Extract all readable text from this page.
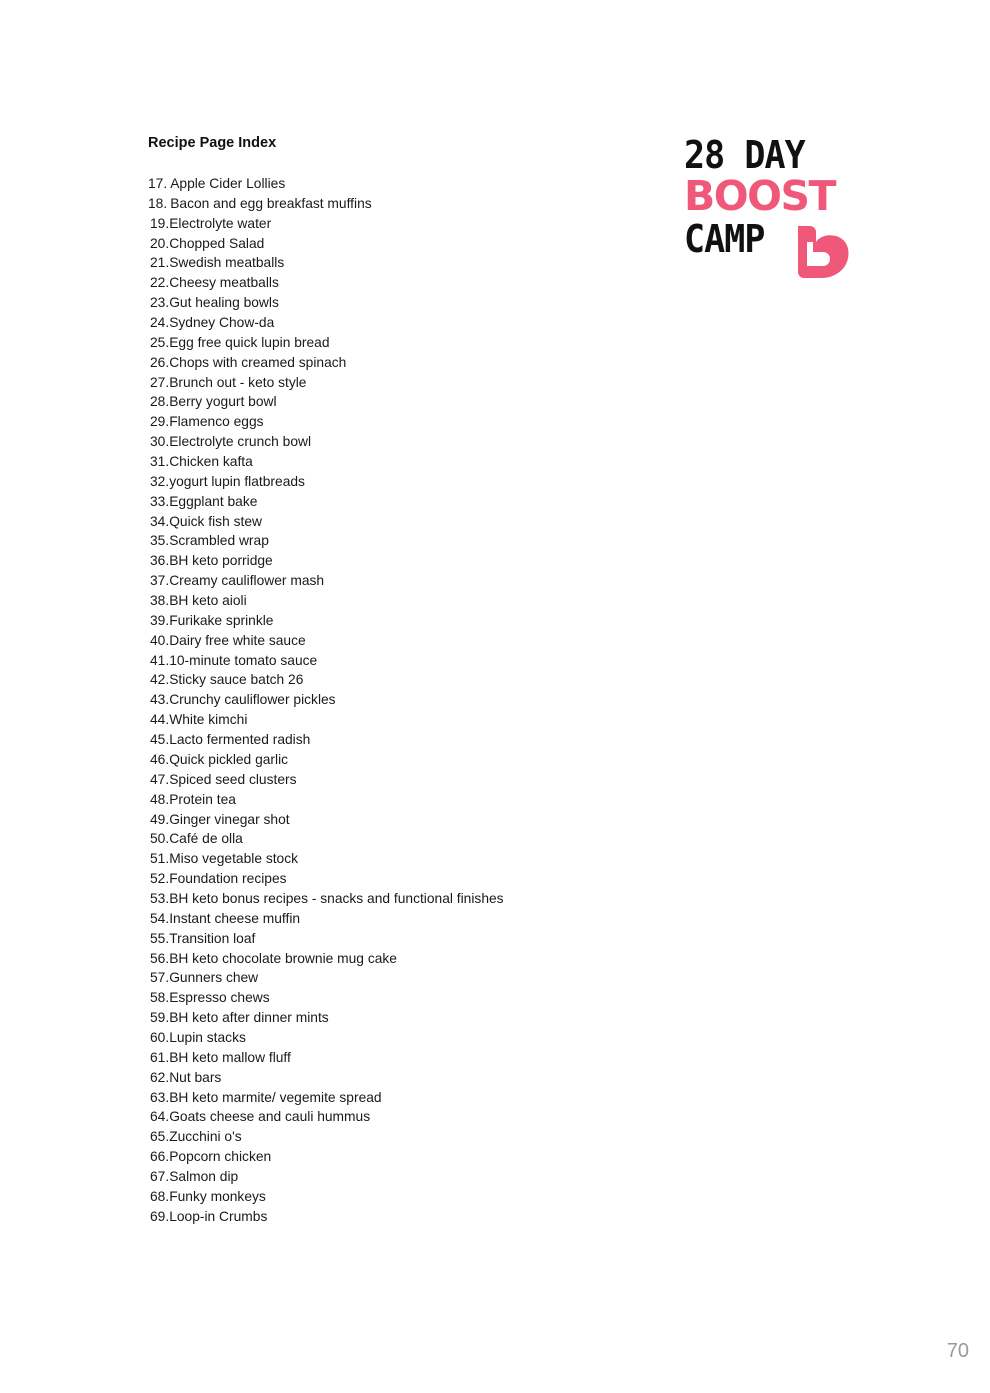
Recipe Page Index
17. Apple Cider Lollies
18. Bacon and egg breakfast muffins
19.Electrolyte water
20.Chopped Salad
21.Swedish meatballs
22.Cheesy meatballs
23.Gut healing bowls
24.Sydney Chow-da
25.Egg free quick lupin bread
26.Chops with creamed spinach
27.Brunch out - keto style
28.Berry yogurt bowl
29.Flamenco eggs
30.Electrolyte crunch bowl
31.Chicken kafta
32.yogurt lupin flatbreads
33.Eggplant bake
34.Quick fish stew
35.Scrambled wrap
36.BH keto porridge
37.Creamy cauliflower mash
38.BH keto aioli
39.Furikake sprinkle
40.Dairy free white sauce
41.10-minute tomato sauce
42.Sticky sauce batch 26
43.Crunchy cauliflower pickles
44.White kimchi
45.Lacto fermented radish
46.Quick pickled garlic
47.Spiced seed clusters
48.Protein tea
49.Ginger vinegar shot
50.Café de olla
51.Miso vegetable stock
52.Foundation recipes
53.BH keto bonus recipes - snacks and functional finishes
54.Instant cheese muffin
55.Transition loaf
56.BH keto chocolate brownie mug cake
57.Gunners chew
58.Espresso chews
59.BH keto after dinner mints
60.Lupin stacks
61.BH keto mallow fluff
62.Nut bars
63.BH keto marmite/ vegemite spread
64.Goats cheese and cauli hummus
65.Zucchini o's
66.Popcorn chicken
67.Salmon dip
68.Funky monkeys
69.Loop-in Crumbs
28 DAY
BOOST
CAMP
70
